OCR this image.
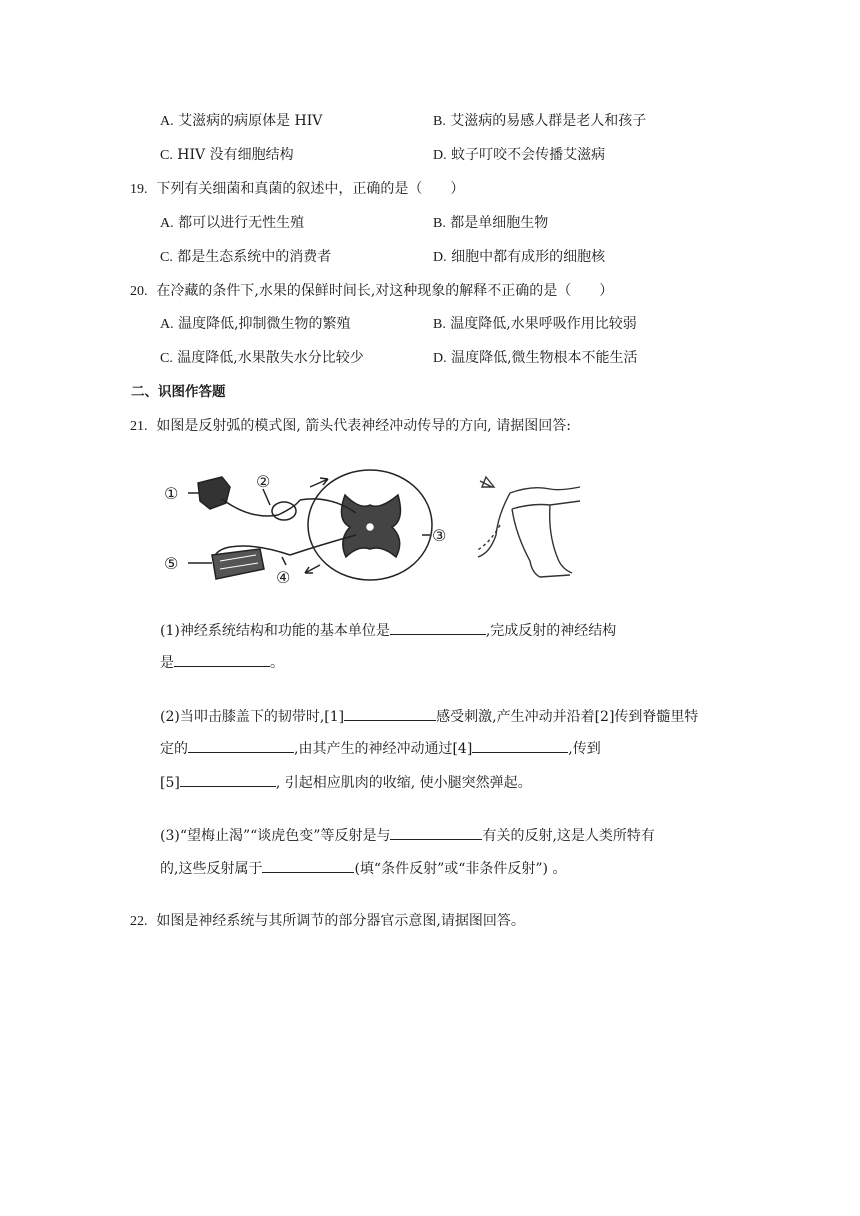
A. 艾滋病的病原体是 HIV	B. 艾滋病的易感人群是老人和孩子
C. HIV 没有细胞结构	D. 蚊子叮咬不会传播艾滋病
19. 下列有关细菌和真菌的叙述中，正确的是（　　）
A. 都可以进行无性生殖	B. 都是单细胞生物
C. 都是生态系统中的消费者	D. 细胞中都有成形的细胞核
20. 在冷藏的条件下,水果的保鲜时间长,对这种现象的解释不正确的是（　　）
A. 温度降低,抑制微生物的繁殖	B. 温度降低,水果呼吸作用比较弱
C. 温度降低,水果散失水分比较少	D. 温度降低,微生物根本不能生活
二、识图作答题
21. 如图是反射弧的模式图, 箭头代表神经冲动传导的方向, 请据图回答:
①
②
③
④
⑤
(1)神经系统结构和功能的基本单位是	,完成反射的神经结构
是	。
(2)当叩击膝盖下的韧带时,[1]	感受刺激,产生冲动并沿着[2]传到脊髓里特
定的	,由其产生的神经冲动通过[4]	,传到
[5]	, 引起相应肌肉的收缩, 使小腿突然弹起。
(3)“望梅止渴”“谈虎色变”等反射是与	有关的反射,这是人类所特有
的,这些反射属于	(填“条件反射”或“非条件反射”) 。
22. 如图是神经系统与其所调节的部分器官示意图,请据图回答。
